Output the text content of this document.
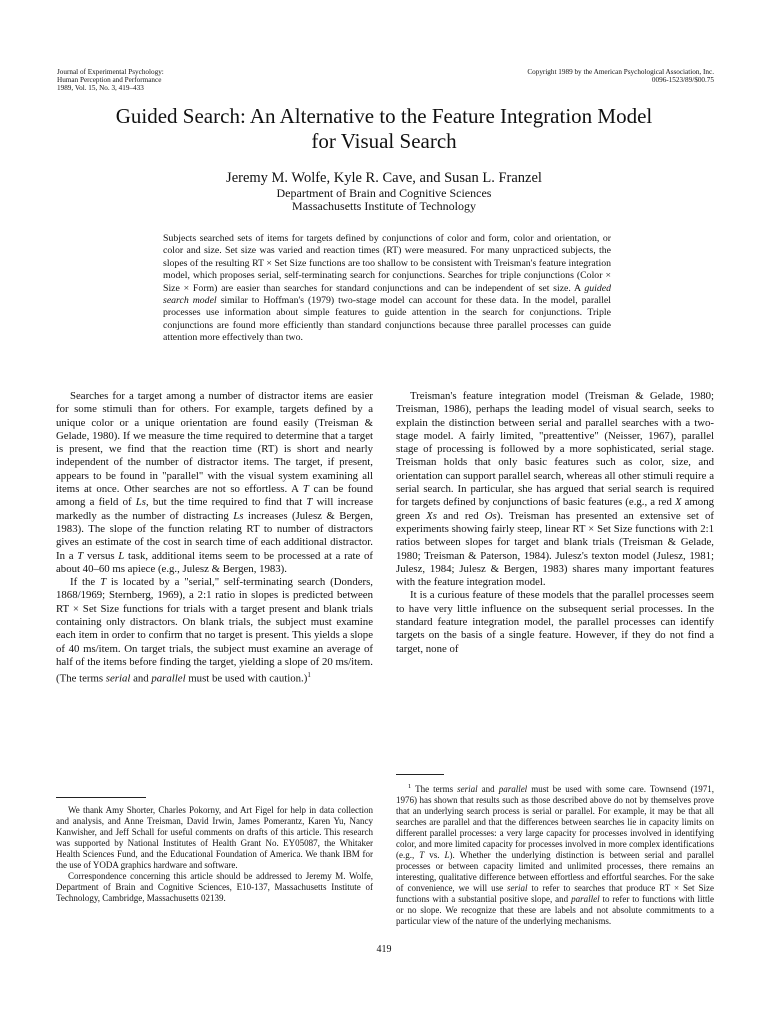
Journal of Experimental Psychology:
Human Perception and Performance
1989, Vol. 15, No. 3, 419–433
Copyright 1989 by the American Psychological Association, Inc.
0096-1523/89/$00.75
Guided Search: An Alternative to the Feature Integration Model
for Visual Search
Jeremy M. Wolfe, Kyle R. Cave, and Susan L. Franzel
Department of Brain and Cognitive Sciences
Massachusetts Institute of Technology
Subjects searched sets of items for targets defined by conjunctions of color and form, color and orientation, or color and size. Set size was varied and reaction times (RT) were measured. For many unpracticed subjects, the slopes of the resulting RT × Set Size functions are too shallow to be consistent with Treisman's feature integration model, which proposes serial, self-terminating search for conjunctions. Searches for triple conjunctions (Color × Size × Form) are easier than searches for standard conjunctions and can be independent of set size. A guided search model similar to Hoffman's (1979) two-stage model can account for these data. In the model, parallel processes use information about simple features to guide attention in the search for conjunctions. Triple conjunctions are found more efficiently than standard conjunctions because three parallel processes can guide attention more effectively than two.

Searches for a target among a number of distractor items are easier for some stimuli than for others. For example, targets defined by a unique color or a unique orientation are found easily (Treisman & Gelade, 1980). If we measure the time required to determine that a target is present, we find that the reaction time (RT) is short and nearly independent of the number of distractor items. The target, if present, appears to be found in "parallel" with the visual system examining all items at once. Other searches are not so effortless. A T can be found among a field of Ls, but the time required to find that T will increase markedly as the number of distracting Ls increases (Julesz & Bergen, 1983). The slope of the function relating RT to number of distractors gives an estimate of the cost in search time of each additional distractor. In a T versus L task, additional items seem to be processed at a rate of about 40–60 ms apiece (e.g., Julesz & Bergen, 1983).

If the T is located by a "serial," self-terminating search (Donders, 1868/1969; Sternberg, 1969), a 2:1 ratio in slopes is predicted between RT × Set Size functions for trials with a target present and blank trials containing only distractors. On blank trials, the subject must examine each item in order to confirm that no target is present. This yields a slope of 40 ms/item. On target trials, the subject must examine an average of half of the items before finding the target, yielding a slope of 20 ms/item. (The terms serial and parallel must be used with caution.)$^1$

We thank Amy Shorter, Charles Pokorny, and Art Figel for help in data collection and analysis, and Anne Treisman, David Irwin, James Pomerantz, Karen Yu, Nancy Kanwisher, and Jeff Schall for useful comments on drafts of this article. This research was supported by National Institutes of Health Grant No. EY05087, the Whitaker Health Sciences Fund, and the Educational Foundation of America. We thank IBM for the use of YODA graphics hardware and software.

Correspondence concerning this article should be addressed to Jeremy M. Wolfe, Department of Brain and Cognitive Sciences, E10-137, Massachusetts Institute of Technology, Cambridge, Massachusetts 02139.

Treisman's feature integration model (Treisman & Gelade, 1980; Treisman, 1986), perhaps the leading model of visual search, seeks to explain the distinction between serial and parallel searches with a two-stage model. A fairly limited, "preattentive" (Neisser, 1967), parallel stage of processing is followed by a more sophisticated, serial stage. Treisman holds that only basic features such as color, size, and orientation can support parallel search, whereas all other stimuli require a serial search. In particular, she has argued that serial search is required for targets defined by conjunctions of basic features (e.g., a red X among green Xs and red Os). Treisman has presented an extensive set of experiments showing fairly steep, linear RT × Set Size functions with 2:1 ratios between slopes for target and blank trials (Treisman & Gelade, 1980; Treisman & Paterson, 1984). Julesz's texton model (Julesz, 1981; Julesz, 1984; Julesz & Bergen, 1983) shares many important features with the feature integration model.

It is a curious feature of these models that the parallel processes seem to have very little influence on the subsequent serial processes. In the standard feature integration model, the parallel processes can identify targets on the basis of a single feature. However, if they do not find a target, none of

$^1$ The terms serial and parallel must be used with some care. Townsend (1971, 1976) has shown that results such as those described above do not by themselves prove that an underlying search process is serial or parallel. For example, it may be that all searches are parallel and that the differences between searches lie in capacity limits on different parallel processes: a very large capacity for processes involved in identifying color, and more limited capacity for processes involved in more complex identifications (e.g., T vs. L). Whether the underlying distinction is between serial and parallel processes or between capacity limited and unlimited processes, there remains an interesting, qualitative difference between effortless and effortful searches. For the sake of convenience, we will use serial to refer to searches that produce RT × Set Size functions with a substantial positive slope, and parallel to refer to functions with little or no slope. We recognize that these are labels and not absolute commitments to a particular view of the nature of the underlying mechanisms.

419
